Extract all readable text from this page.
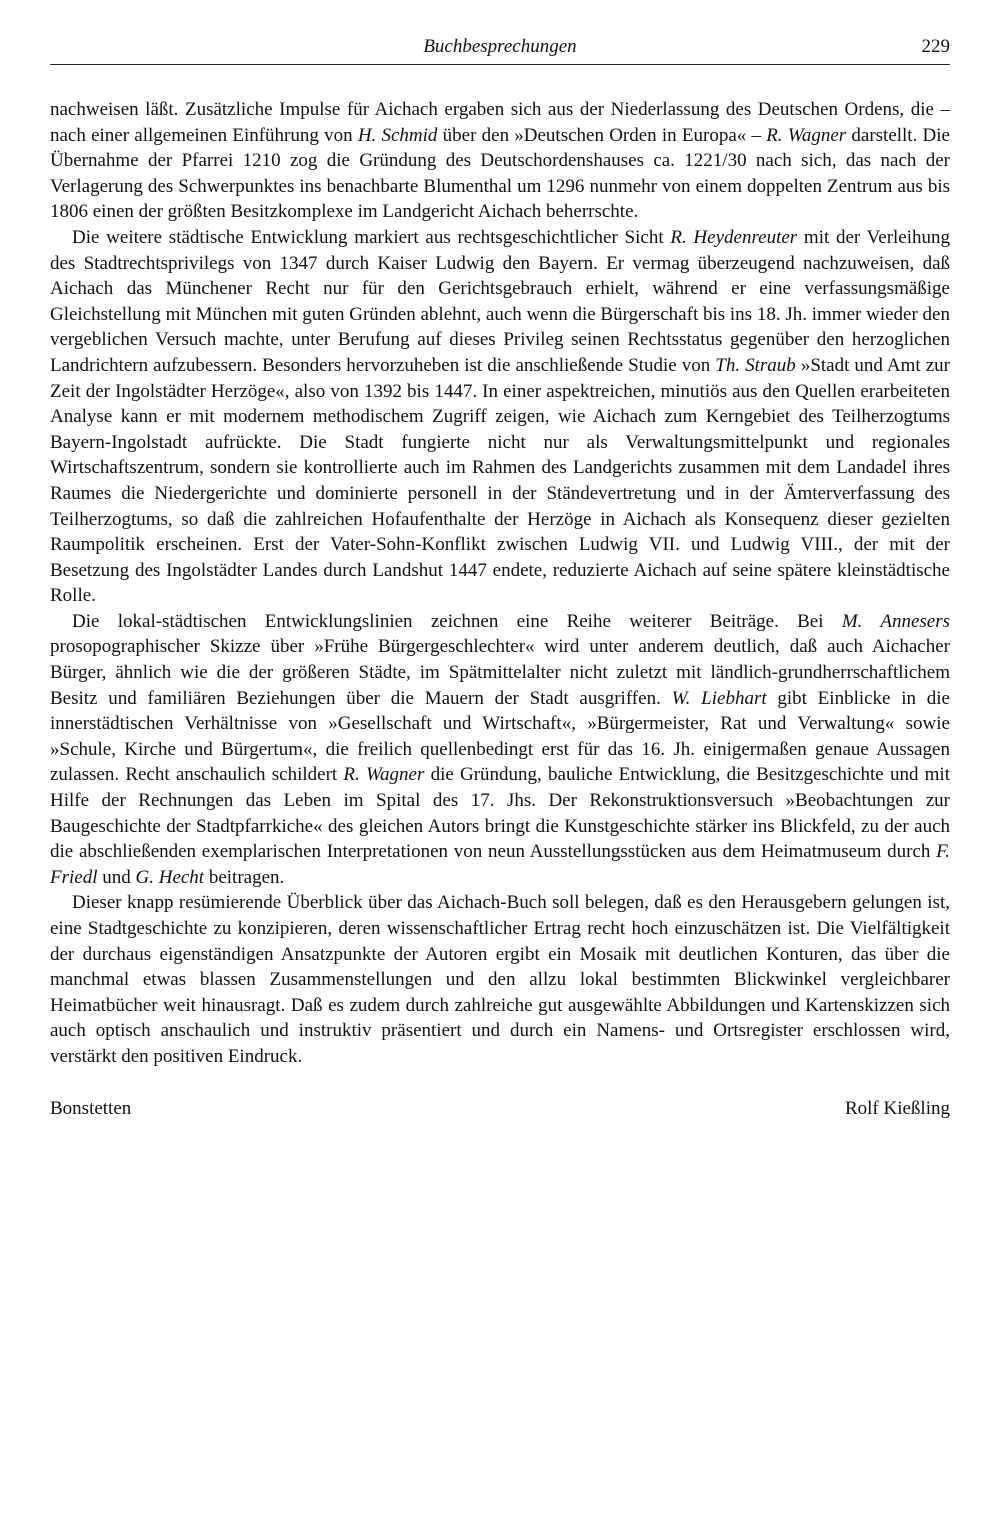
Buchbesprechungen	229

nachweisen läßt. Zusätzliche Impulse für Aichach ergaben sich aus der Niederlassung des Deutschen Ordens, die – nach einer allgemeinen Einführung von H. Schmid über den »Deutschen Orden in Europa« – R. Wagner darstellt. Die Übernahme der Pfarrei 1210 zog die Gründung des Deutschordenshauses ca. 1221/30 nach sich, das nach der Verlagerung des Schwerpunktes ins benachbarte Blumenthal um 1296 nunmehr von einem doppelten Zentrum aus bis 1806 einen der größten Besitzkomplexe im Landgericht Aichach beherrschte.

Die weitere städtische Entwicklung markiert aus rechtsgeschichtlicher Sicht R. Heydenreuter mit der Verleihung des Stadtrechtsprivilegs von 1347 durch Kaiser Ludwig den Bayern. Er vermag überzeugend nachzuweisen, daß Aichach das Münchener Recht nur für den Gerichtsgebrauch erhielt, während er eine verfassungsmäßige Gleichstellung mit München mit guten Gründen ablehnt, auch wenn die Bürgerschaft bis ins 18. Jh. immer wieder den vergeblichen Versuch machte, unter Berufung auf dieses Privileg seinen Rechtsstatus gegenüber den herzoglichen Landrichtern aufzubessern. Besonders hervorzuheben ist die anschließende Studie von Th. Straub »Stadt und Amt zur Zeit der Ingolstädter Herzöge«, also von 1392 bis 1447. In einer aspektreichen, minutiös aus den Quellen erarbeiteten Analyse kann er mit modernem methodischem Zugriff zeigen, wie Aichach zum Kerngebiet des Teilherzogtums Bayern-Ingolstadt aufrückte. Die Stadt fungierte nicht nur als Verwaltungsmittelpunkt und regionales Wirtschaftszentrum, sondern sie kontrollierte auch im Rahmen des Landgerichts zusammen mit dem Landadel ihres Raumes die Niedergerichte und dominierte personell in der Ständevertretung und in der Ämterverfassung des Teilherzogtums, so daß die zahlreichen Hofaufenthalte der Herzöge in Aichach als Konsequenz dieser gezielten Raumpolitik erscheinen. Erst der Vater-Sohn-Konflikt zwischen Ludwig VII. und Ludwig VIII., der mit der Besetzung des Ingolstädter Landes durch Landshut 1447 endete, reduzierte Aichach auf seine spätere kleinstädtische Rolle.

Die lokal-städtischen Entwicklungslinien zeichnen eine Reihe weiterer Beiträge. Bei M. Annesers prosopographischer Skizze über »Frühe Bürgergeschlechter« wird unter anderem deutlich, daß auch Aichacher Bürger, ähnlich wie die der größeren Städte, im Spätmittelalter nicht zuletzt mit ländlich-grundherrschaftlichem Besitz und familiären Beziehungen über die Mauern der Stadt ausgriffen. W. Liebhart gibt Einblicke in die innerstädtischen Verhältnisse von »Gesellschaft und Wirtschaft«, »Bürgermeister, Rat und Verwaltung« sowie »Schule, Kirche und Bürgertum«, die freilich quellenbedingt erst für das 16. Jh. einigermaßen genaue Aussagen zulassen. Recht anschaulich schildert R. Wagner die Gründung, bauliche Entwicklung, die Besitzgeschichte und mit Hilfe der Rechnungen das Leben im Spital des 17. Jhs. Der Rekonstruktionsversuch »Beobachtungen zur Baugeschichte der Stadtpfarrkiche« des gleichen Autors bringt die Kunstgeschichte stärker ins Blickfeld, zu der auch die abschließenden exemplarischen Interpretationen von neun Ausstellungsstücken aus dem Heimatmuseum durch F. Friedl und G. Hecht beitragen.

Dieser knapp resümierende Überblick über das Aichach-Buch soll belegen, daß es den Herausgebern gelungen ist, eine Stadtgeschichte zu konzipieren, deren wissenschaftlicher Ertrag recht hoch einzuschätzen ist. Die Vielfältigkeit der durchaus eigenständigen Ansatzpunkte der Autoren ergibt ein Mosaik mit deutlichen Konturen, das über die manchmal etwas blassen Zusammenstellungen und den allzu lokal bestimmten Blickwinkel vergleichbarer Heimatbücher weit hinausragt. Daß es zudem durch zahlreiche gut ausgewählte Abbildungen und Kartenskizzen sich auch optisch anschaulich und instruktiv präsentiert und durch ein Namens- und Ortsregister erschlossen wird, verstärkt den positiven Eindruck.

Bonstetten	Rolf Kießling
